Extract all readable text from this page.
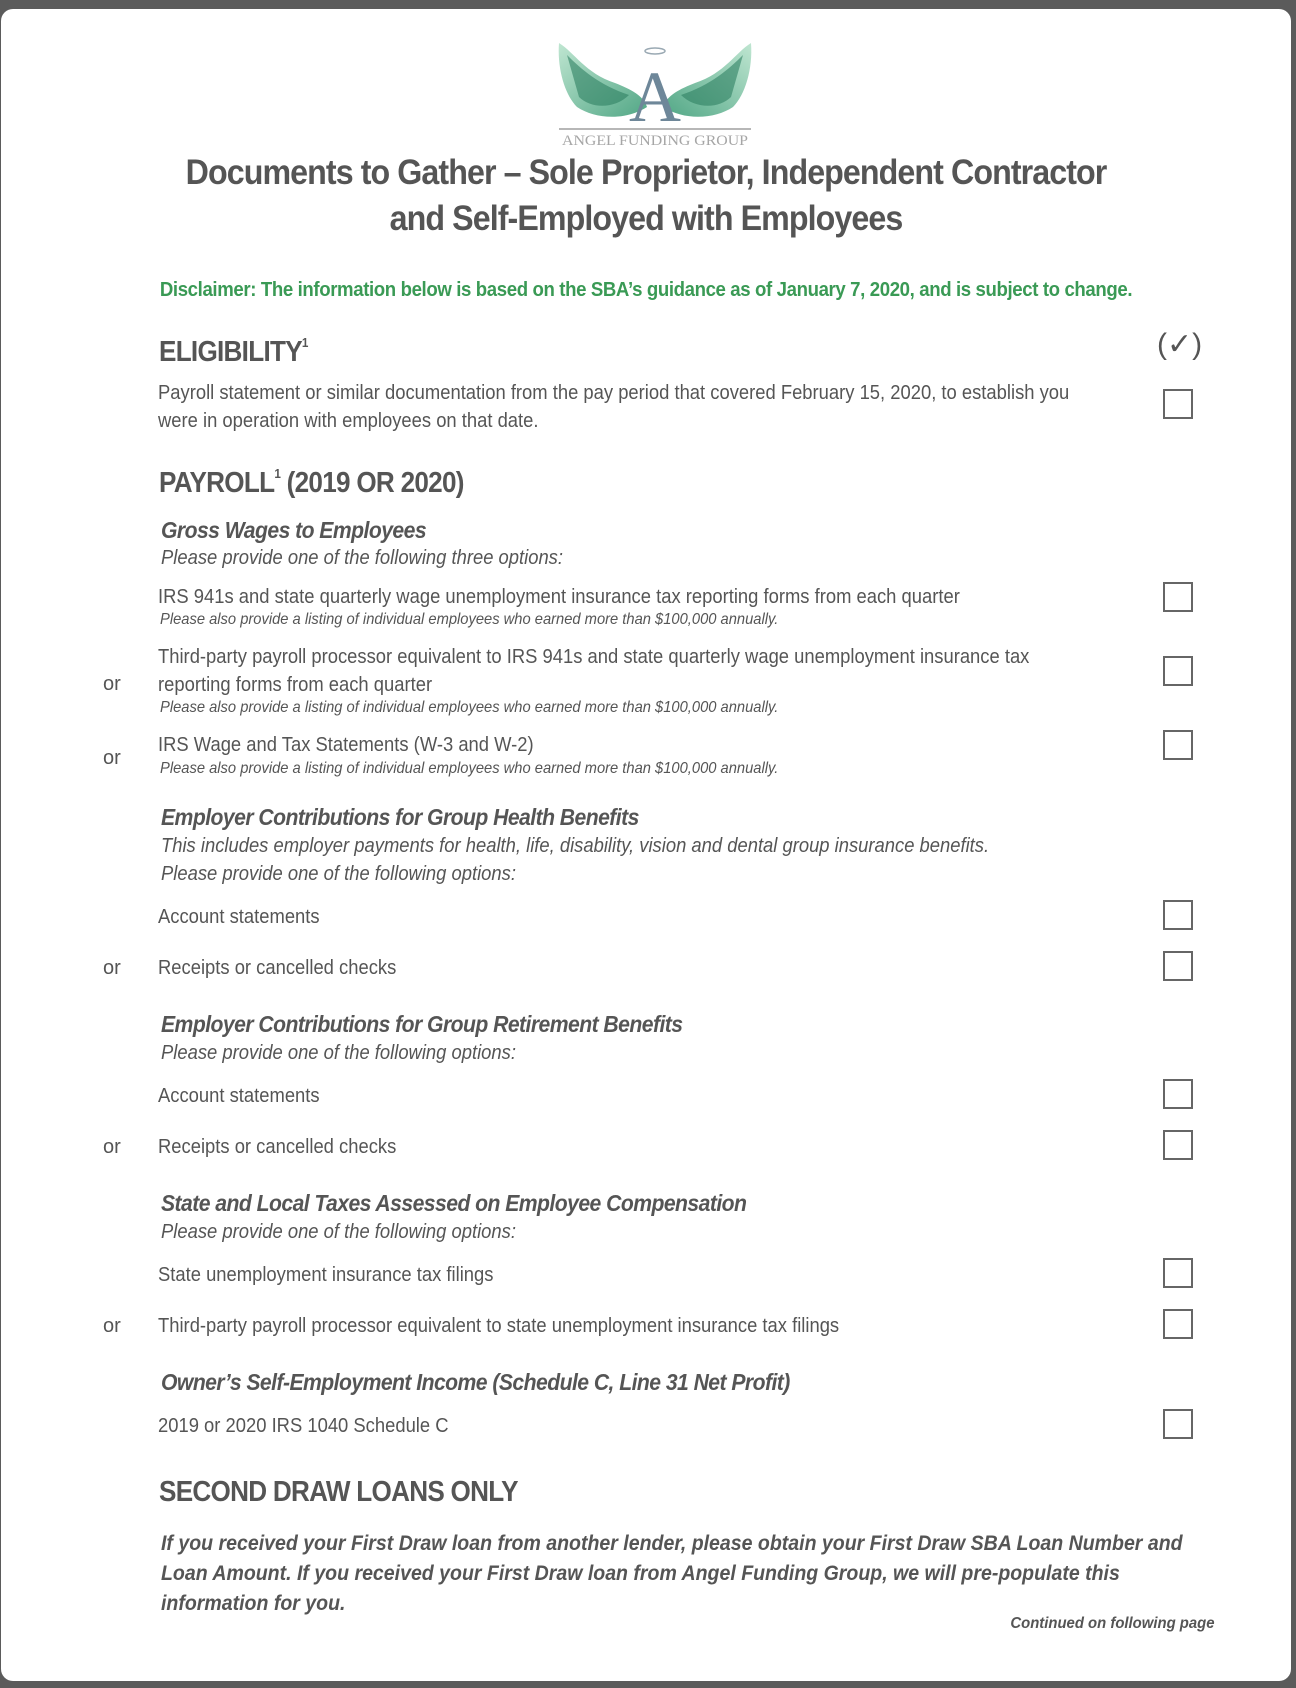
A
ANGEL FUNDING GROUP
Documents to Gather – Sole Proprietor, Independent Contractor
and Self-Employed with Employees
Disclaimer: The information below is based on the SBA’s guidance as of January 7, 2020, and is subject to change.
ELIGIBILITY$^1$	(✓)
Payroll statement or similar documentation from the pay period that covered February 15, 2020, to establish you
were in operation with employees on that date.
PAYROLL$^1$ (2019 OR 2020)
Gross Wages to Employees
Please provide one of the following three options:
IRS 941s and state quarterly wage unemployment insurance tax reporting forms from each quarter
Please also provide a listing of individual employees who earned more than $100,000 annually.
or
Third-party payroll processor equivalent to IRS 941s and state quarterly wage unemployment insurance tax
reporting forms from each quarter
Please also provide a listing of individual employees who earned more than $100,000 annually.
or
IRS Wage and Tax Statements (W-3 and W-2)
Please also provide a listing of individual employees who earned more than $100,000 annually.
Employer Contributions for Group Health Benefits
This includes employer payments for health, life, disability, vision and dental group insurance benefits.
Please provide one of the following options:
Account statements
or Receipts or cancelled checks
Employer Contributions for Group Retirement Benefits
Please provide one of the following options:
Account statements
or Receipts or cancelled checks
State and Local Taxes Assessed on Employee Compensation
Please provide one of the following options:
State unemployment insurance tax filings
or Third-party payroll processor equivalent to state unemployment insurance tax filings
Owner’s Self-Employment Income (Schedule C, Line 31 Net Profit)
2019 or 2020 IRS 1040 Schedule C
SECOND DRAW LOANS ONLY
If you received your First Draw loan from another lender, please obtain your First Draw SBA Loan Number and Loan Amount. If you received your First Draw loan from Angel Funding Group, we will pre-populate this information for you.
Continued on following page
